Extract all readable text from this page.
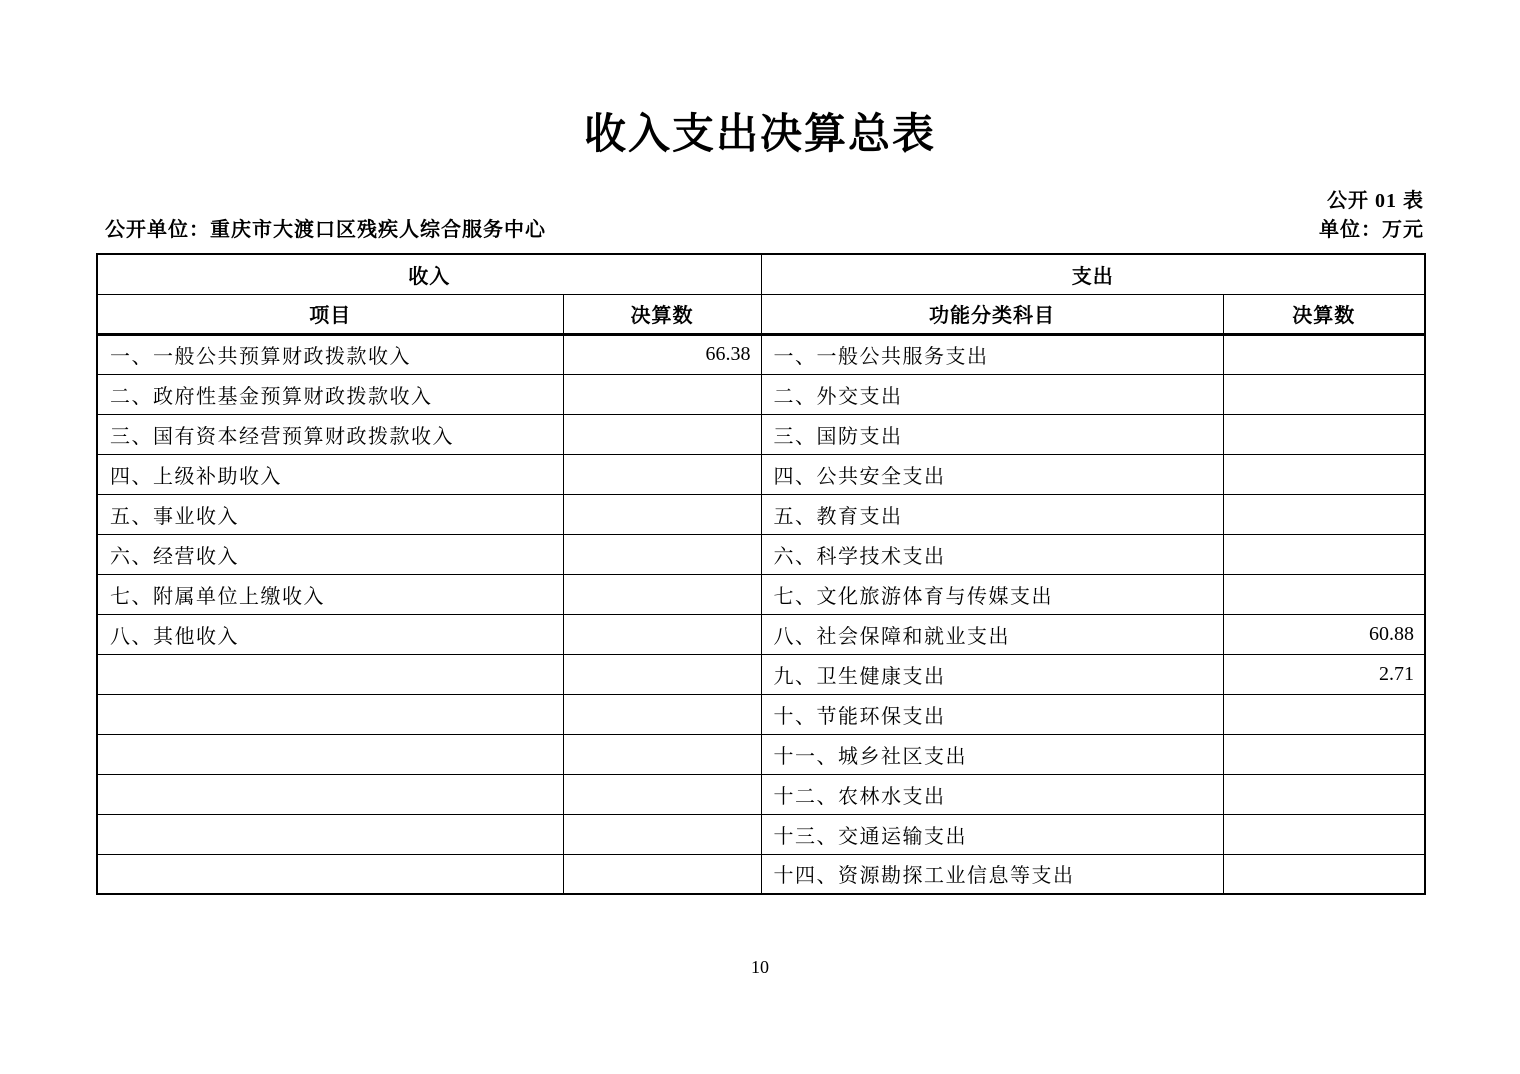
收入支出决算总表
公开 01 表
公开单位：重庆市大渡口区残疾人综合服务中心	单位：万元
收入		支出	
项目	决算数	功能分类科目	决算数
一、一般公共预算财政拨款收入	66.38	一、一般公共服务支出	
二、政府性基金预算财政拨款收入		二、外交支出	
三、国有资本经营预算财政拨款收入		三、国防支出	
四、上级补助收入		四、公共安全支出	
五、事业收入		五、教育支出	
六、经营收入		六、科学技术支出	
七、附属单位上缴收入		七、文化旅游体育与传媒支出	
八、其他收入		八、社会保障和就业支出	60.88
		九、卫生健康支出	2.71
		十、节能环保支出	
		十一、城乡社区支出	
		十二、农林水支出	
		十三、交通运输支出	
		十四、资源勘探工业信息等支出	
10
